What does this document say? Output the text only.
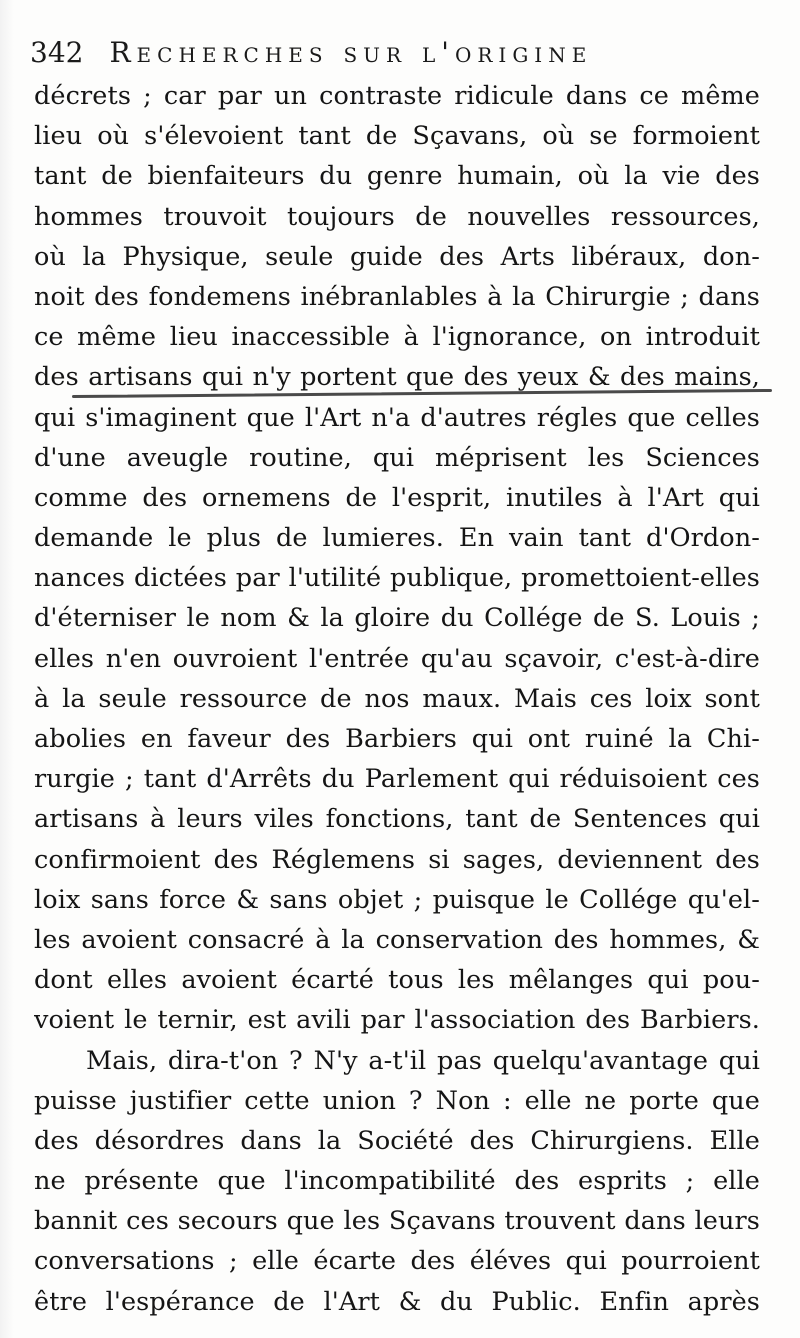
342 Recherches sur l'origine
décrets ; car par un contraste ridicule dans ce même
lieu où s'élevoient tant de Sçavans, où se formoient
tant de bienfaiteurs du genre humain, où la vie des
hommes trouvoit toujours de nouvelles ressources,
où la Physique, seule guide des Arts libéraux, don-
noit des fondemens inébranlables à la Chirurgie ; dans
ce même lieu inaccessible à l'ignorance, on introduit
des artisans qui n'y portent que des yeux & des mains,
qui s'imaginent que l'Art n'a d'autres régles que celles
d'une aveugle routine, qui méprisent les Sciences
comme des ornemens de l'esprit, inutiles à l'Art qui
demande le plus de lumieres. En vain tant d'Ordon-
nances dictées par l'utilité publique, promettoient-elles
d'éterniser le nom & la gloire du Collége de S. Louis ;
elles n'en ouvroient l'entrée qu'au sçavoir, c'est-à-dire
à la seule ressource de nos maux. Mais ces loix sont
abolies en faveur des Barbiers qui ont ruiné la Chi-
rurgie ; tant d'Arrêts du Parlement qui réduisoient ces
artisans à leurs viles fonctions, tant de Sentences qui
confirmoient des Réglemens si sages, deviennent des
loix sans force & sans objet ; puisque le Collége qu'el-
les avoient consacré à la conservation des hommes, &
dont elles avoient écarté tous les mêlanges qui pou-
voient le ternir, est avili par l'association des Barbiers.
Mais, dira-t'on ? N'y a-t'il pas quelqu'avantage qui
puisse justifier cette union ? Non : elle ne porte que
des désordres dans la Société des Chirurgiens. Elle
ne présente que l'incompatibilité des esprits ; elle
bannit ces secours que les Sçavans trouvent dans leurs
conversations ; elle écarte des éléves qui pourroient
être l'espérance de l'Art & du Public. Enfin après
